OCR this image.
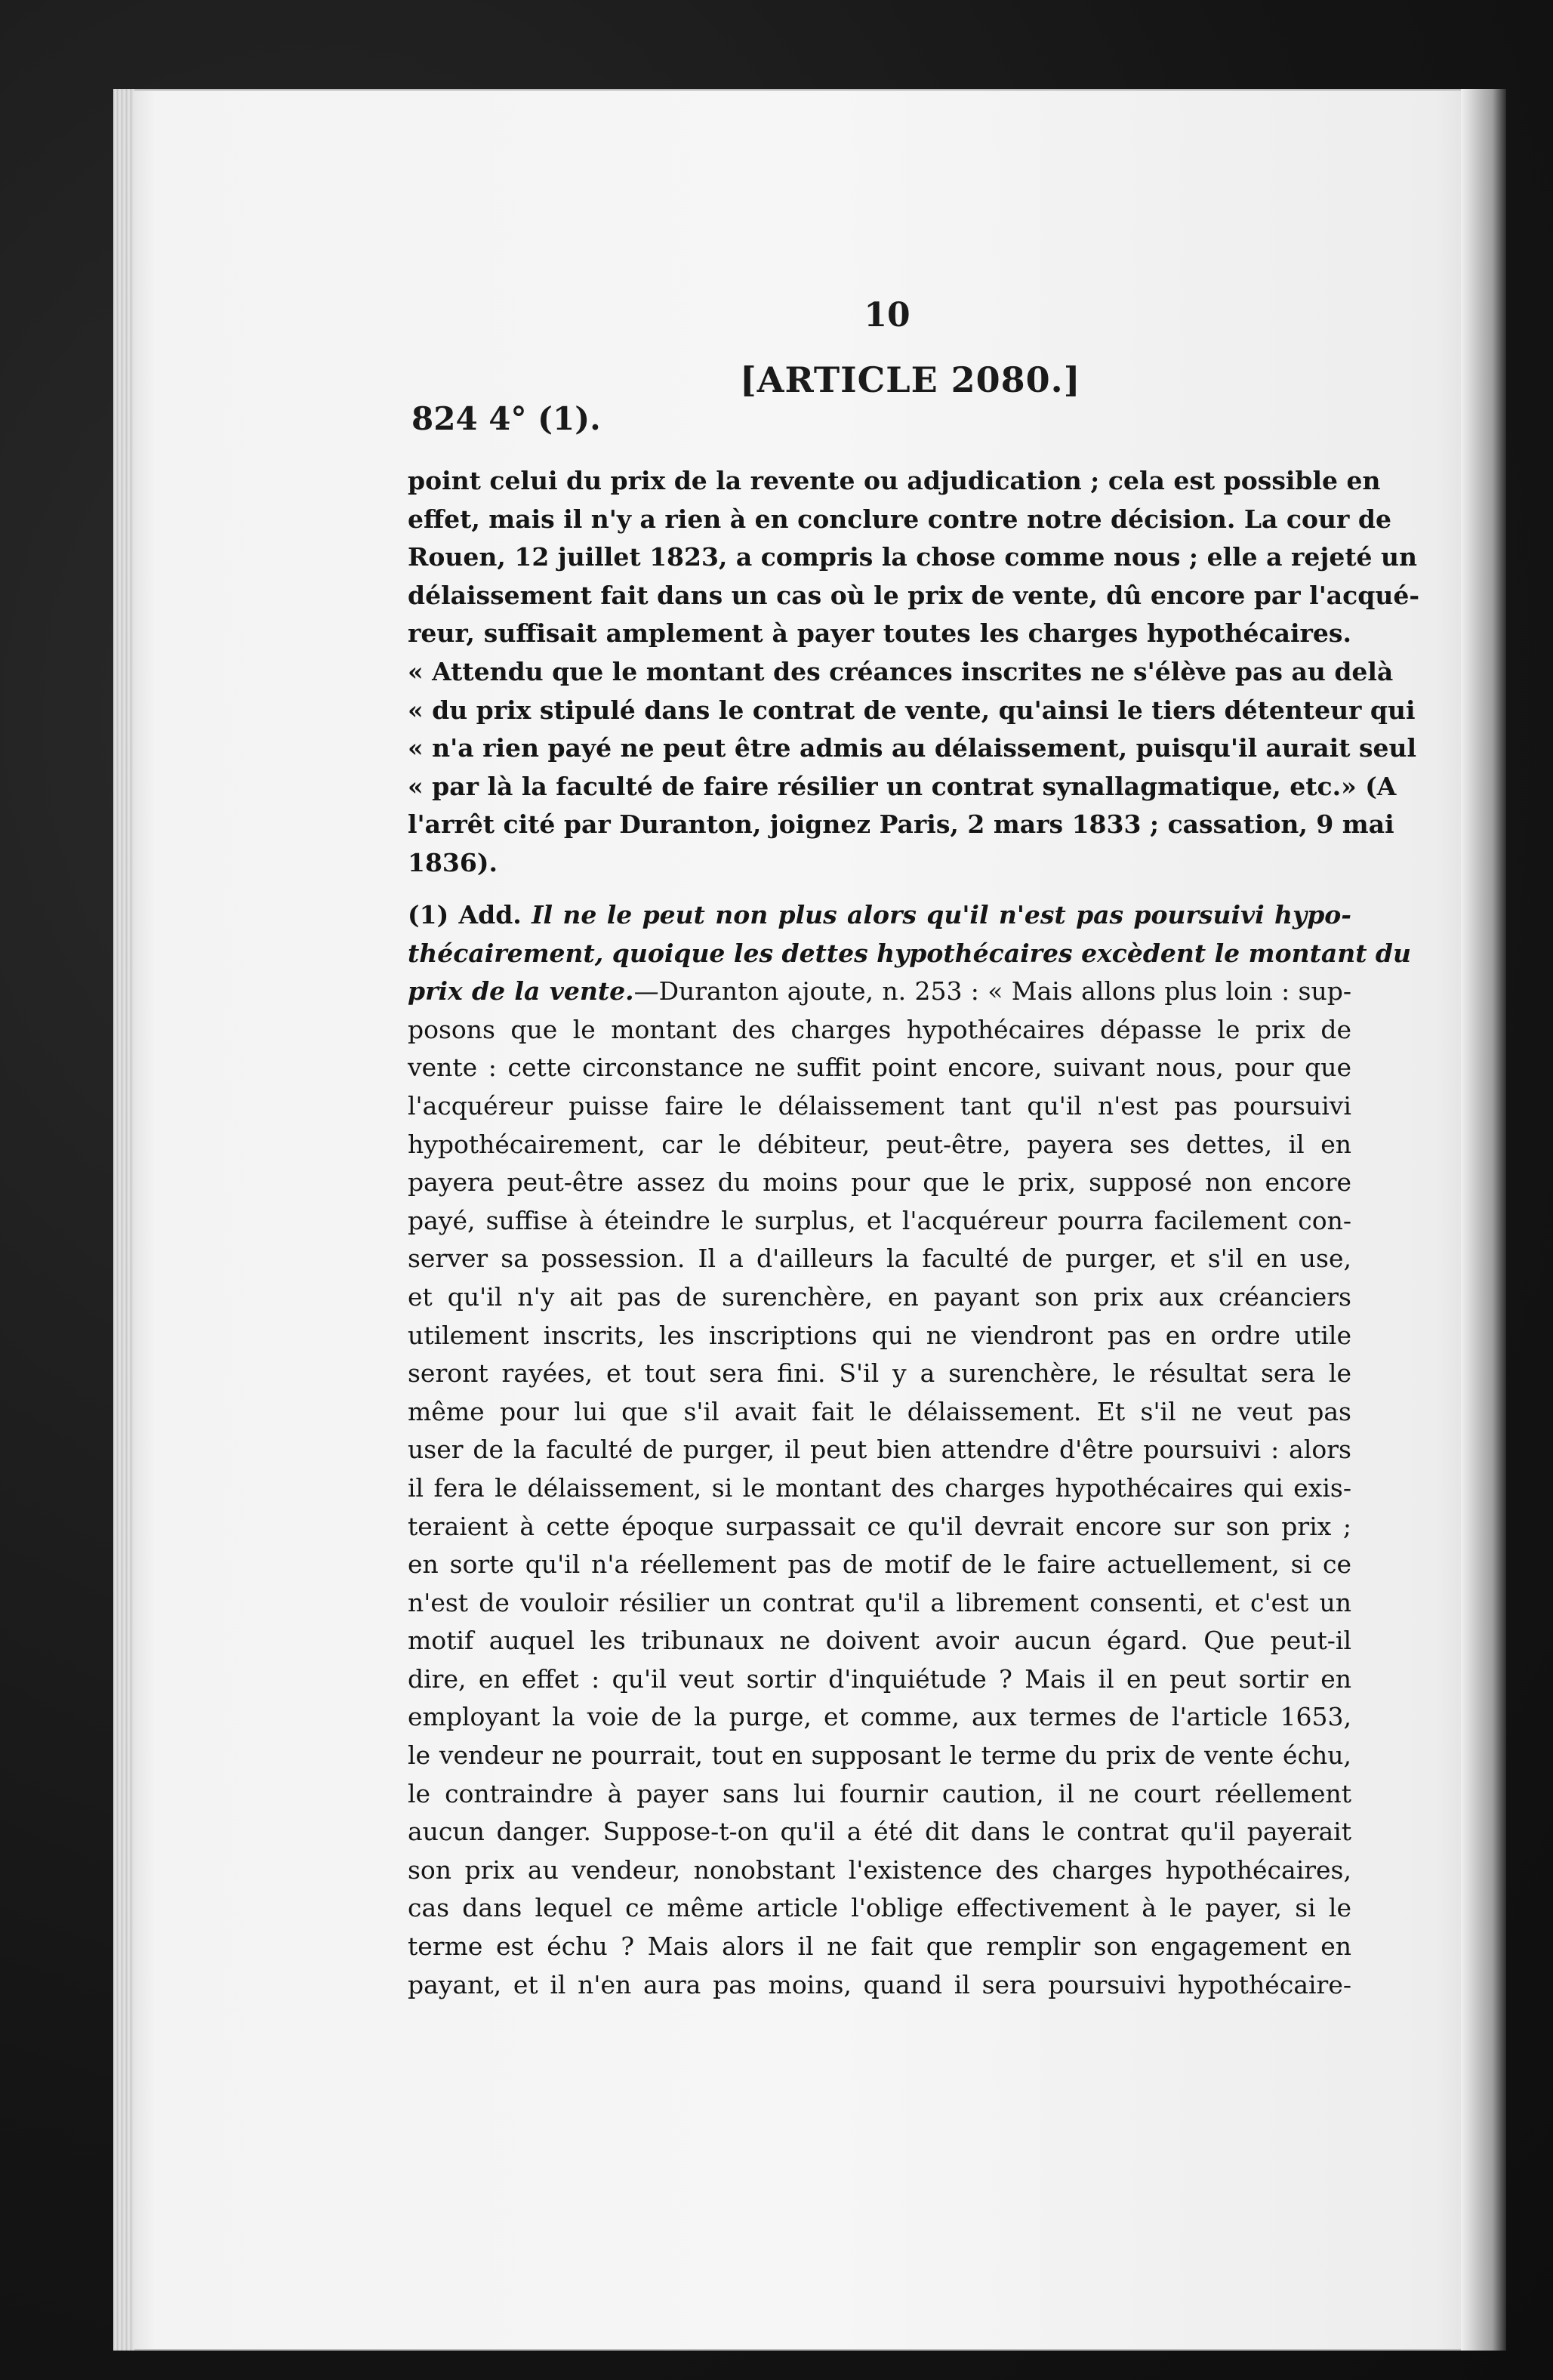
10
[ARTICLE 2080.]
824 4° (1).
point celui du prix de la revente ou adjudication ; cela est possible en
effet, mais il n'y a rien à en conclure contre notre décision. La cour de
Rouen, 12 juillet 1823, a compris la chose comme nous ; elle a rejeté un
délaissement fait dans un cas où le prix de vente, dû encore par l'acqué-
reur, suffisait amplement à payer toutes les charges hypothécaires.
« Attendu que le montant des créances inscrites ne s'élève pas au delà
« du prix stipulé dans le contrat de vente, qu'ainsi le tiers détenteur qui
« n'a rien payé ne peut être admis au délaissement, puisqu'il aurait seul
« par là la faculté de faire résilier un contrat synallagmatique, etc.» (A
l'arrêt cité par Duranton, joignez Paris, 2 mars 1833 ; cassation, 9 mai
1836).
(1) Add. Il ne le peut non plus alors qu'il n'est pas poursuivi hypo-
thécairement, quoique les dettes hypothécaires excèdent le montant du
prix de la vente.—Duranton ajoute, n. 253 : « Mais allons plus loin : sup-
posons que le montant des charges hypothécaires dépasse le prix de
vente : cette circonstance ne suffit point encore, suivant nous, pour que
l'acquéreur puisse faire le délaissement tant qu'il n'est pas poursuivi
hypothécairement, car le débiteur, peut-être, payera ses dettes, il en
payera peut-être assez du moins pour que le prix, supposé non encore
payé, suffise à éteindre le surplus, et l'acquéreur pourra facilement con-
server sa possession. Il a d'ailleurs la faculté de purger, et s'il en use,
et qu'il n'y ait pas de surenchère, en payant son prix aux créanciers
utilement inscrits, les inscriptions qui ne viendront pas en ordre utile
seront rayées, et tout sera fini. S'il y a surenchère, le résultat sera le
même pour lui que s'il avait fait le délaissement. Et s'il ne veut pas
user de la faculté de purger, il peut bien attendre d'être poursuivi : alors
il fera le délaissement, si le montant des charges hypothécaires qui exis-
teraient à cette époque surpassait ce qu'il devrait encore sur son prix ;
en sorte qu'il n'a réellement pas de motif de le faire actuellement, si ce
n'est de vouloir résilier un contrat qu'il a librement consenti, et c'est un
motif auquel les tribunaux ne doivent avoir aucun égard. Que peut-il
dire, en effet : qu'il veut sortir d'inquiétude ? Mais il en peut sortir en
employant la voie de la purge, et comme, aux termes de l'article 1653,
le vendeur ne pourrait, tout en supposant le terme du prix de vente échu,
le contraindre à payer sans lui fournir caution, il ne court réellement
aucun danger. Suppose-t-on qu'il a été dit dans le contrat qu'il payerait
son prix au vendeur, nonobstant l'existence des charges hypothécaires,
cas dans lequel ce même article l'oblige effectivement à le payer, si le
terme est échu ? Mais alors il ne fait que remplir son engagement en
payant, et il n'en aura pas moins, quand il sera poursuivi hypothécaire-
